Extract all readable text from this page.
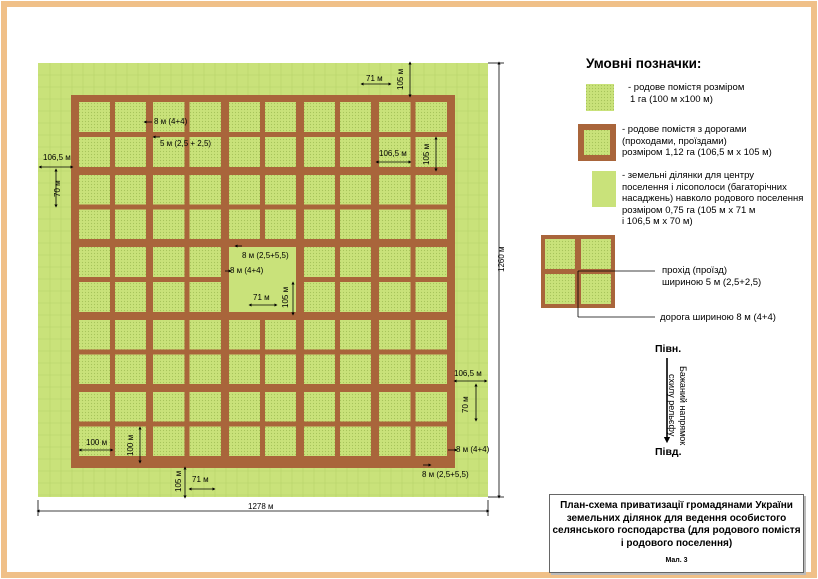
Умовні позначки:
- родове помістя розміром
1 га (100 м х100 м)
- родове помістя з дорогами
(проходами, проїздами)
розміром 1,12 га (106,5 м х 105 м)
- земельні ділянки для центру
поселення і лісополоси (багаторічних
насаджень) навколо родового поселення
розміром 0,75 га (105 м х 71 м
і 106,5 м х 70 м)
прохід (проїзд)
шириною 5 м (2,5+2,5)
дорога шириною 8 м (4+4)
Півн.
Півд.
Бажаний напрямок
схилу рельєфу
1278 м
1260 м
71 м 105 м
106,5 м
70 м
106,5 м 105 м
8 м (4+4)
5 м (2,5 + 2,5)
8 м (2,5+5,5)
8 м (4+4)
71 м 105 м
106,5 м
70 м
100 м 100 м
105 м 71 м
8 м (4+4)
8 м (2,5+5,5)
План-схема приватизації громадянами України земельних ділянок для ведення особистого селянського господарства (для родового помістя і родового поселення)
Мал. 3
